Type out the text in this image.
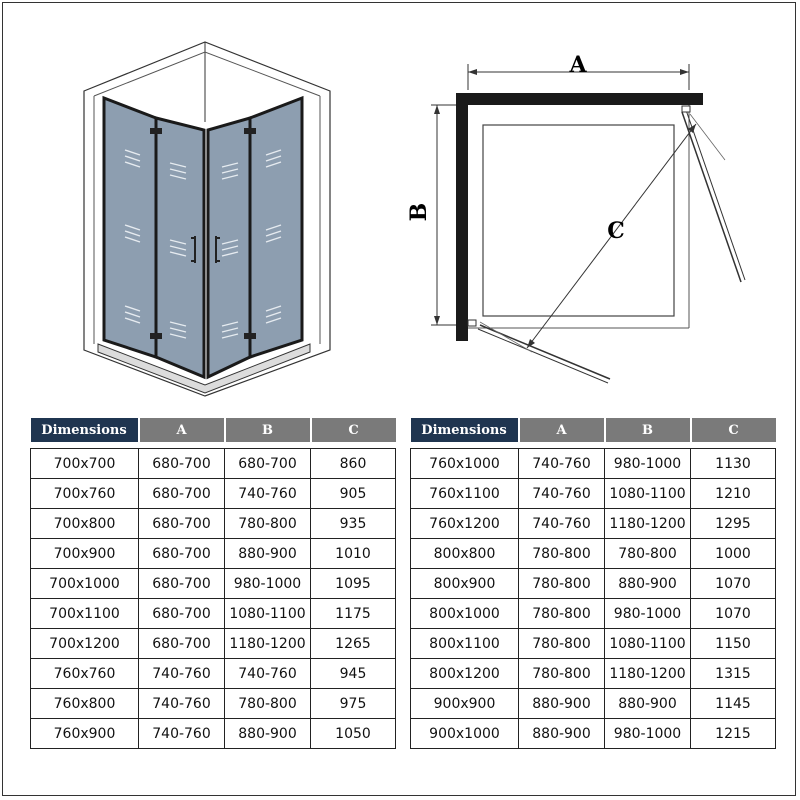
A
B
C
Dimensions	A	B	C

700x700	680-700	680-700	860
700x760	680-700	740-760	905
700x800	680-700	780-800	935
700x900	680-700	880-900	1010
700x1000	680-700	980-1000	1095
700x1100	680-700	1080-1100	1175
700x1200	680-700	1180-1200	1265
760x760	740-760	740-760	945
760x800	740-760	780-800	975
760x900	740-760	880-900	1050
Dimensions	A	B	C

760x1000	740-760	980-1000	1130
760x1100	740-760	1080-1100	1210
760x1200	740-760	1180-1200	1295
800x800	780-800	780-800	1000
800x900	780-800	880-900	1070
800x1000	780-800	980-1000	1070
800x1100	780-800	1080-1100	1150
800x1200	780-800	1180-1200	1315
900x900	880-900	880-900	1145
900x1000	880-900	980-1000	1215
